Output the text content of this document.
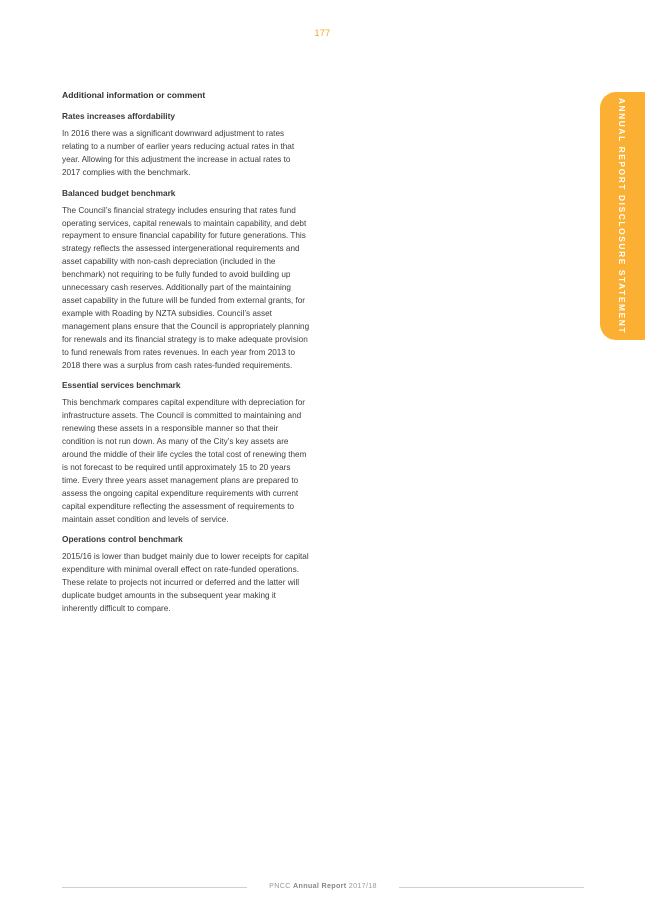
177
ANNUAL REPORT DISCLOSURE STATEMENT
Additional information or comment
Rates increases affordability

In 2016 there was a significant downward adjustment to rates relating to a number of earlier years reducing actual rates in that year. Allowing for this adjustment the increase in actual rates to 2017 complies with the benchmark.

Balanced budget benchmark

The Council’s financial strategy includes ensuring that rates fund operating services, capital renewals to maintain capability, and debt repayment to ensure financial capability for future generations. This strategy reflects the assessed intergenerational requirements and asset capability with non-cash depreciation (included in the benchmark) not requiring to be fully funded to avoid building up unnecessary cash reserves. Additionally part of the maintaining asset capability in the future will be funded from external grants, for example with Roading by NZTA subsidies. Council’s asset management plans ensure that the Council is appropriately planning for renewals and its financial strategy is to make adequate provision to fund renewals from rates revenues. In each year from 2013 to 2018 there was a surplus from cash rates-funded requirements.

Essential services benchmark

This benchmark compares capital expenditure with depreciation for infrastructure assets. The Council is committed to maintaining and renewing these assets in a responsible manner so that their condition is not run down. As many of the City’s key assets are around the middle of their life cycles the total cost of renewing them is not forecast to be required until approximately 15 to 20 years time. Every three years asset management plans are prepared to assess the ongoing capital expenditure requirements with current capital expenditure reflecting the assessment of requirements to maintain asset condition and levels of service.

Operations control benchmark

2015/16 is lower than budget mainly due to lower receipts for capital expenditure with minimal overall effect on rate-funded operations. These relate to projects not incurred or deferred and the latter will duplicate budget amounts in the subsequent year making it inherently difficult to compare.

PNCC Annual Report 2017/18
